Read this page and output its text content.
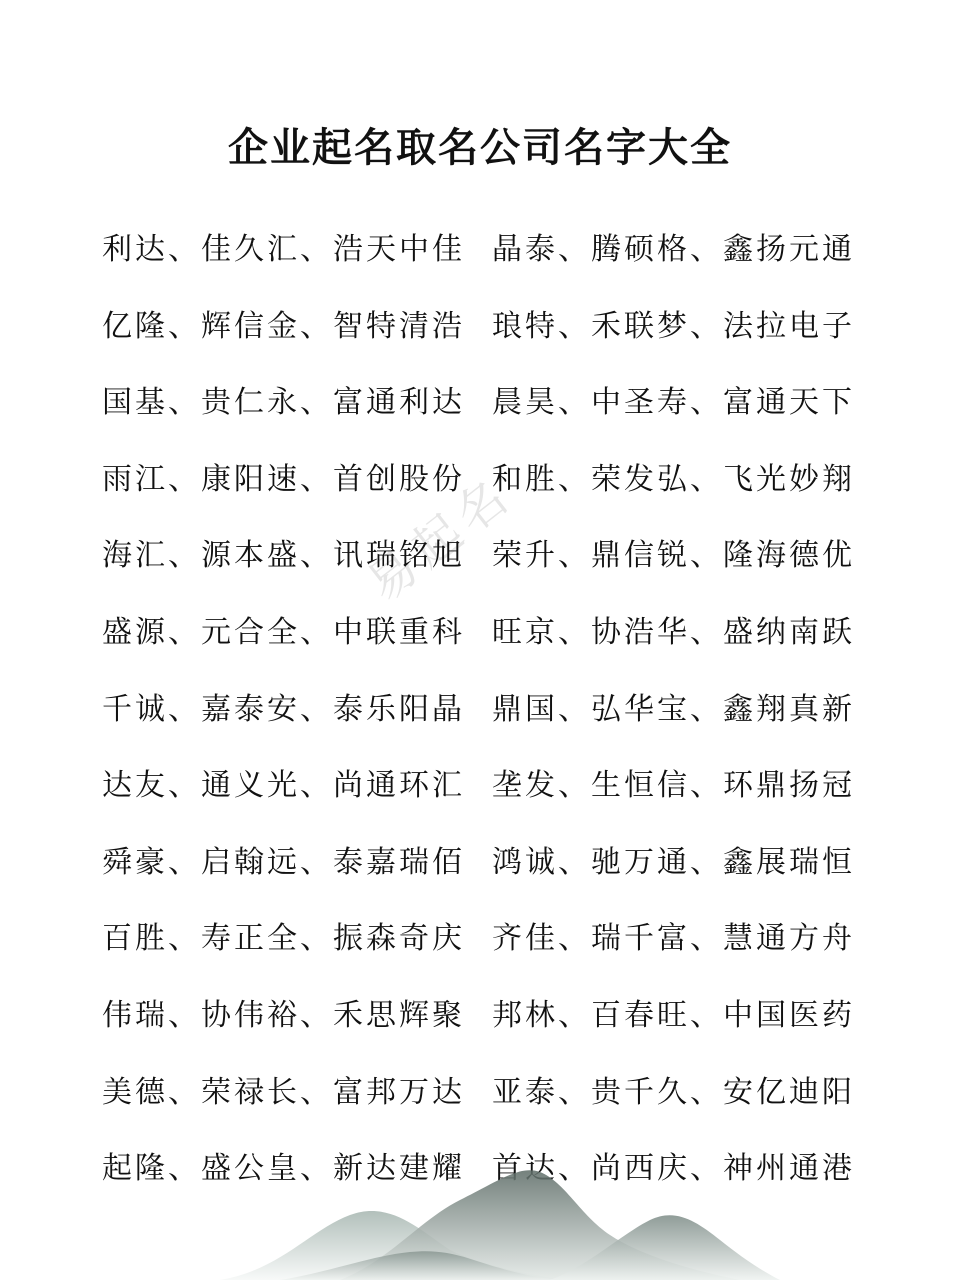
易起名
企业起名取名公司名字大全
利达、佳久汇、浩天中佳 晶泰、腾硕格、鑫扬元通
亿隆、辉信金、智特清浩 琅特、禾联梦、法拉电子
国基、贵仁永、富通利达 晨昊、中圣寿、富通天下
雨江、康阳速、首创股份 和胜、荣发弘、飞光妙翔
海汇、源本盛、讯瑞铭旭 荣升、鼎信锐、隆海德优
盛源、元合全、中联重科 旺京、协浩华、盛纳南跃
千诚、嘉泰安、泰乐阳晶 鼎国、弘华宝、鑫翔真新
达友、通义光、尚通环汇 垄发、生恒信、环鼎扬冠
舜豪、启翰远、泰嘉瑞佰 鸿诚、驰万通、鑫展瑞恒
百胜、寿正全、振森奇庆 齐佳、瑞千富、慧通方舟
伟瑞、协伟裕、禾思辉聚 邦林、百春旺、中国医药
美德、荣禄长、富邦万达 亚泰、贵千久、安亿迪阳
起隆、盛公皇、新达建耀 首达、尚西庆、神州通港
